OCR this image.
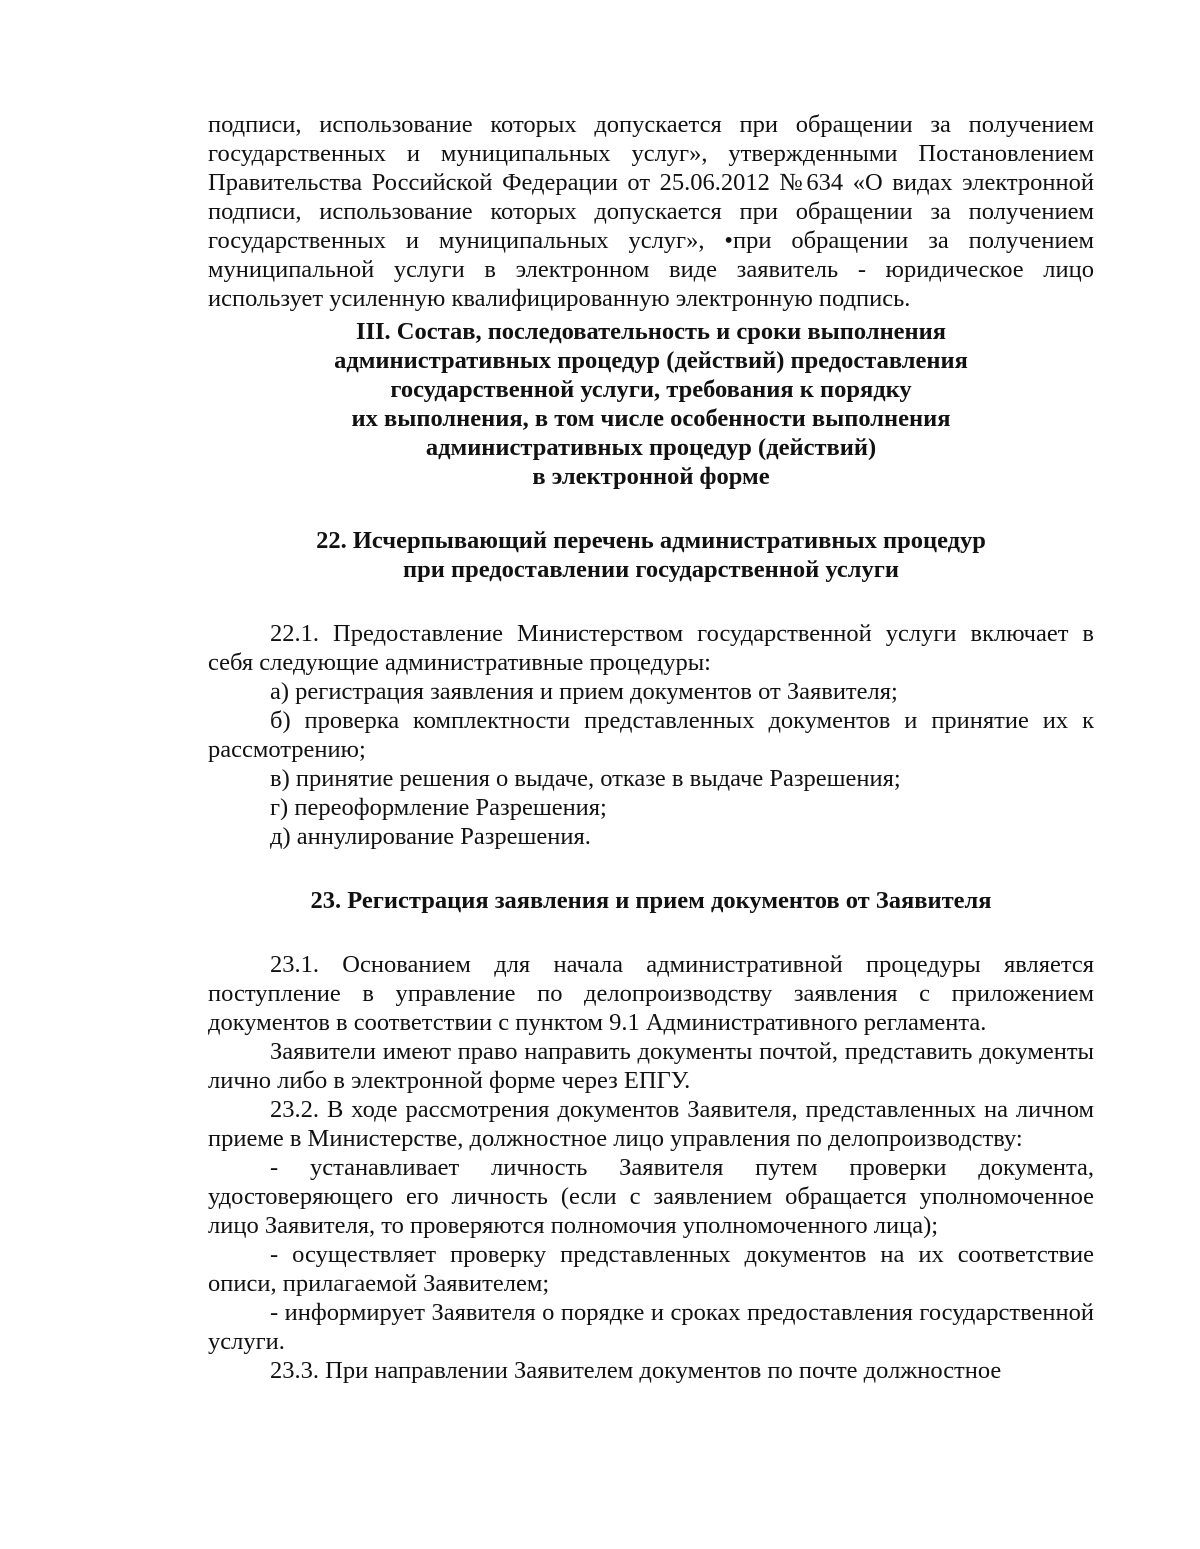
подписи, использование которых допускается при обращении за получением государственных и муниципальных услуг», утвержденными Постановлением Правительства Российской Федерации от 25.06.2012 №634 «О видах электронной подписи, использование которых допускается при обращении за получением государственных и муниципальных услуг», •при обращении за получением муниципальной услуги в электронном виде заявитель - юридическое лицо использует усиленную квалифицированную электронную подпись.

III. Состав, последовательность и сроки выполнения
административных процедур (действий) предоставления
государственной услуги, требования к порядку
их выполнения, в том числе особенности выполнения
административных процедур (действий)
в электронной форме
22. Исчерпывающий перечень административных процедур
при предоставлении государственной услуги

22.1. Предоставление Министерством государственной услуги включает в себя следующие административные процедуры:

а) регистрация заявления и прием документов от Заявителя;

б) проверка комплектности представленных документов и принятие их к рассмотрению;

в) принятие решения о выдаче, отказе в выдаче Разрешения;

г) переоформление Разрешения;

д) аннулирование Разрешения.

23. Регистрация заявления и прием документов от Заявителя

23.1. Основанием для начала административной процедуры является поступление в управление по делопроизводству заявления с приложением документов в соответствии с пунктом 9.1 Административного регламента.

Заявители имеют право направить документы почтой, представить документы лично либо в электронной форме через ЕПГУ.

23.2. В ходе рассмотрения документов Заявителя, представленных на личном приеме в Министерстве, должностное лицо управления по делопроизводству:

- устанавливает личность Заявителя путем проверки документа, удостоверяющего его личность (если с заявлением обращается уполномоченное лицо Заявителя, то проверяются полномочия уполномоченного лица);

- осуществляет проверку представленных документов на их соответствие описи, прилагаемой Заявителем;

- информирует Заявителя о порядке и сроках предоставления государственной услуги.

23.3. При направлении Заявителем документов по почте должностное
